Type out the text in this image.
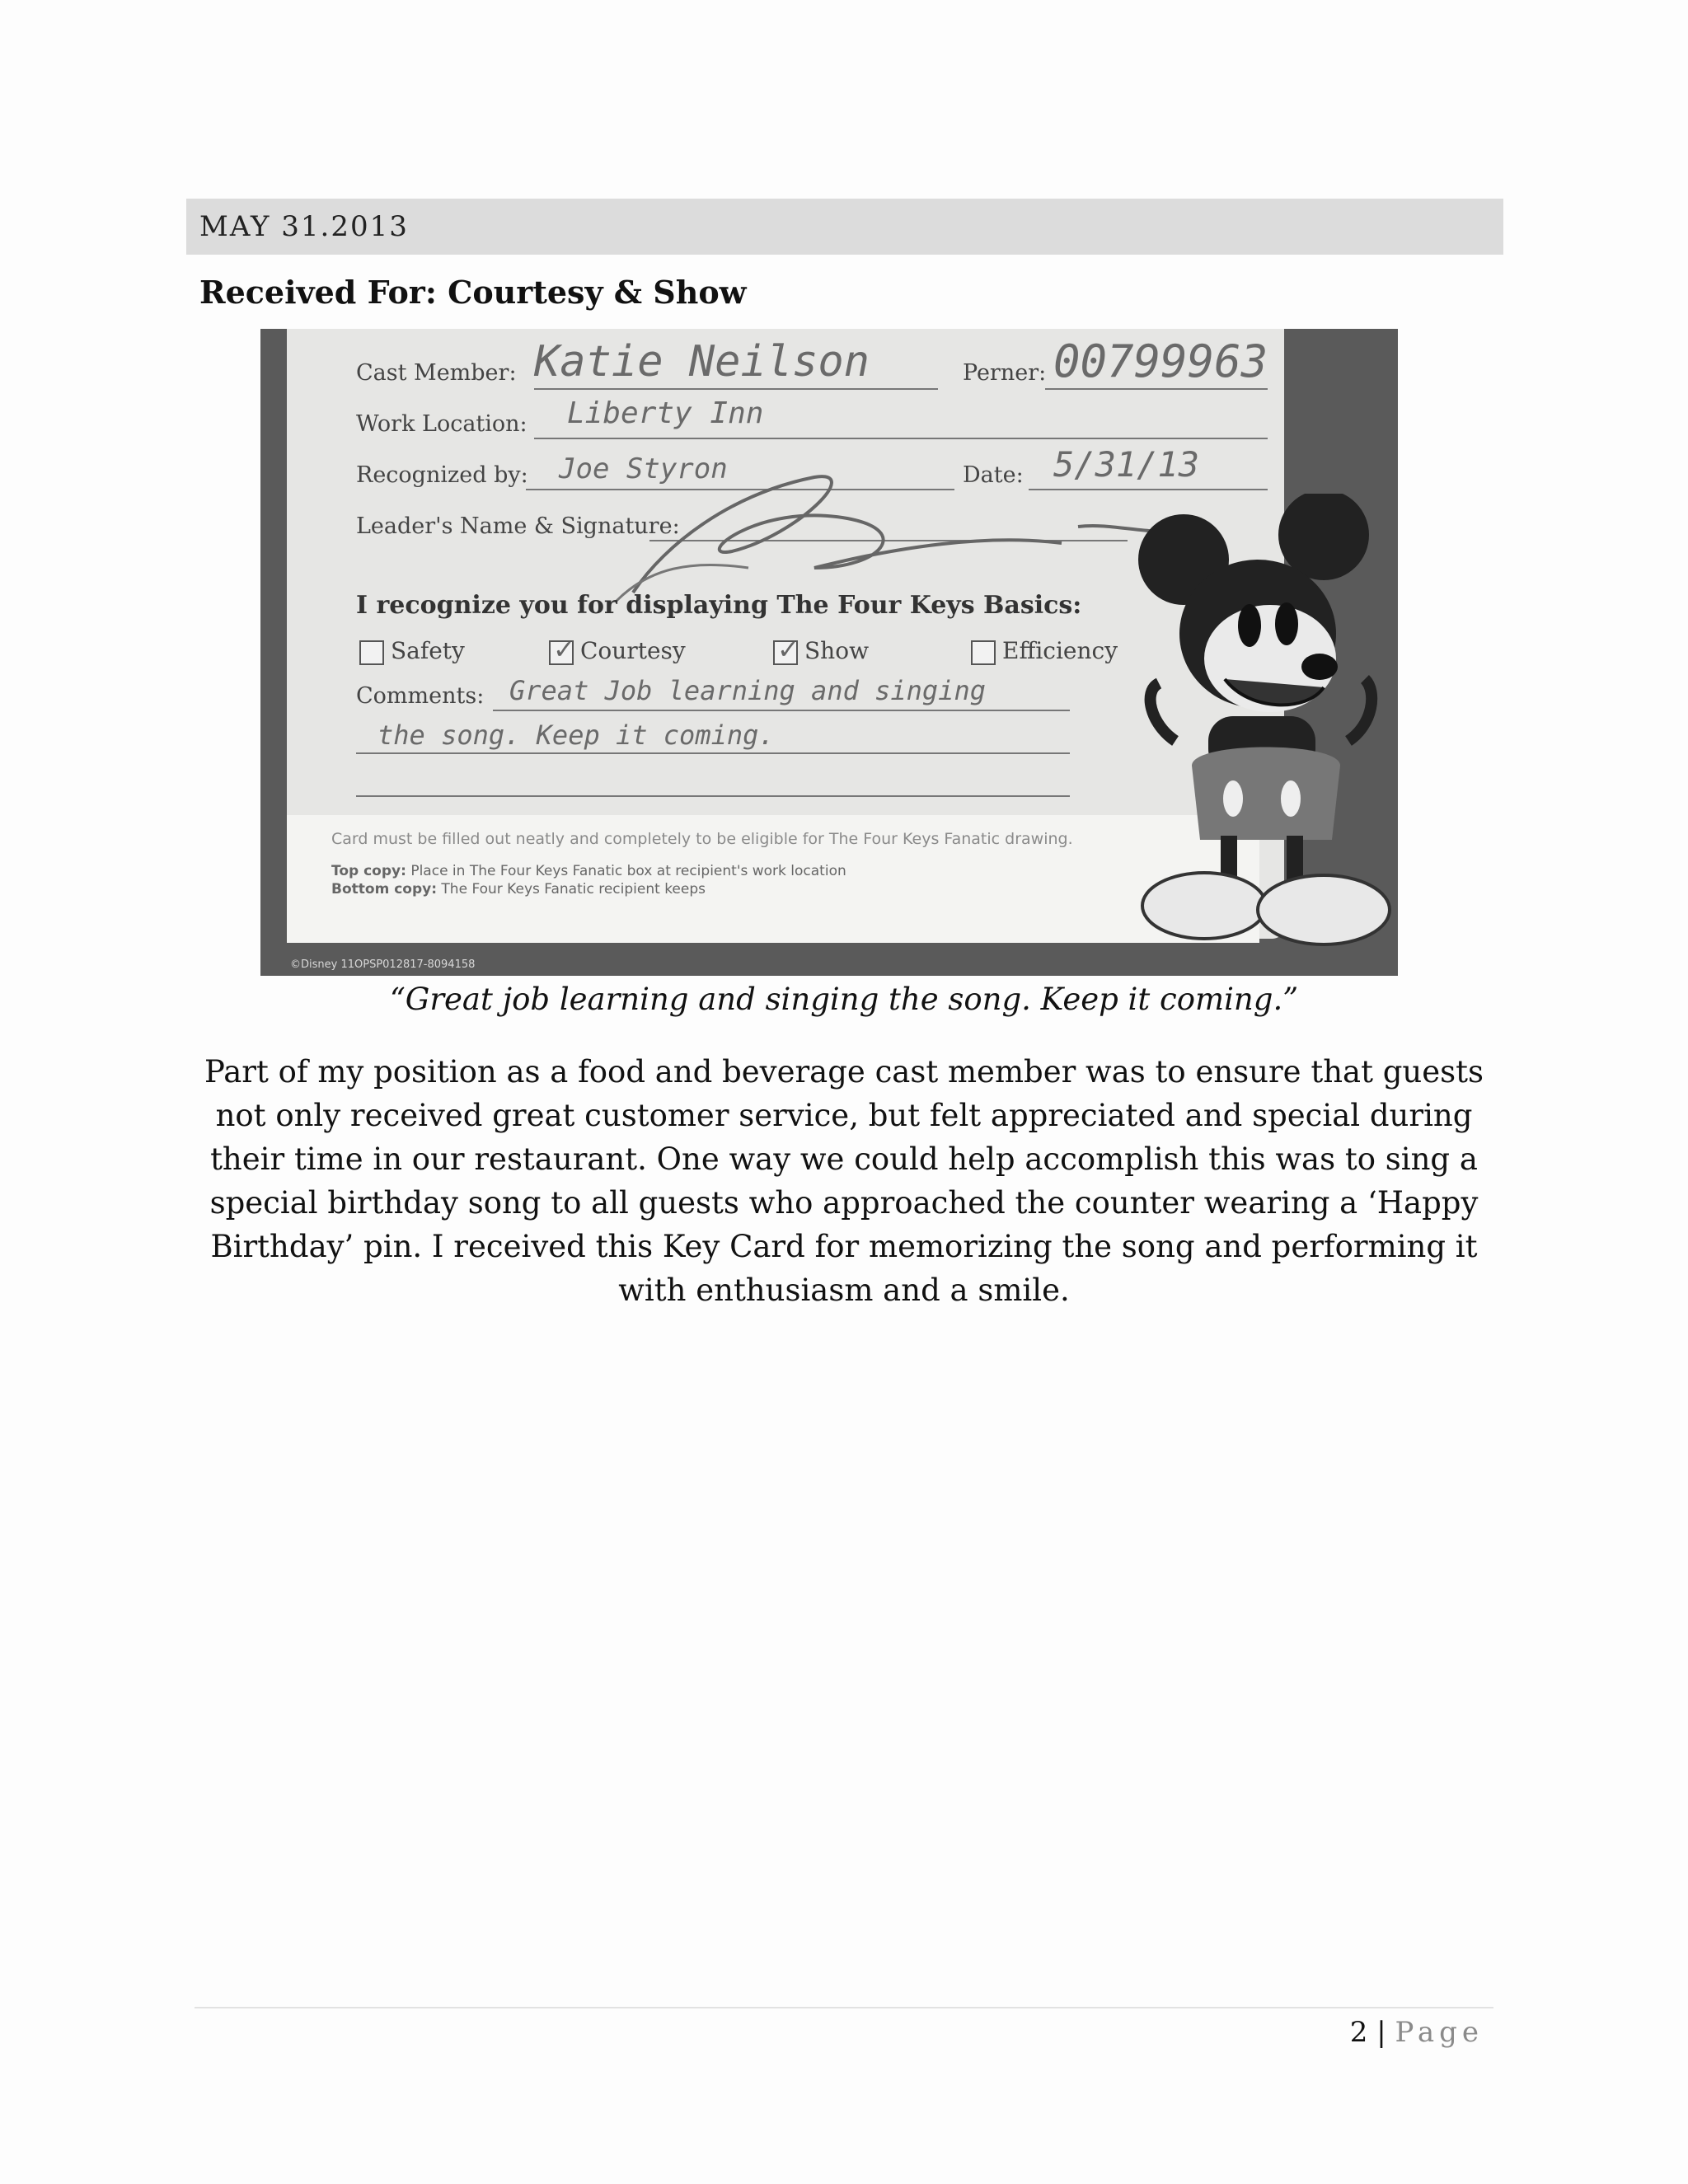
MAY 31.2013
Received For: Courtesy & Show
Cast Member: Katie Neilson	Perner: 00799963
Work Location: Liberty Inn
Recognized by: Joe Styron	Date: 5/31/13
Leader's Name & Signature:
I recognize you for displaying The Four Keys Basics:
Safety	✓ Courtesy	✓ Show	Efficiency
Comments: Great Job learning and singing
the song. Keep it coming.
Card must be filled out neatly and completely to be eligible for The Four Keys Fanatic drawing.
Top copy: Place in The Four Keys Fanatic box at recipient's work location
Bottom copy: The Four Keys Fanatic recipient keeps
©Disney 11OPSP012817-8094158
“Great job learning and singing the song. Keep it coming.”
Part of my position as a food and beverage cast member was to ensure that guests not only received great customer service, but felt appreciated and special during their time in our restaurant. One way we could help accomplish this was to sing a special birthday song to all guests who approached the counter wearing a ‘Happy Birthday’ pin. I received this Key Card for memorizing the song and performing it with enthusiasm and a smile.
2 | Page
